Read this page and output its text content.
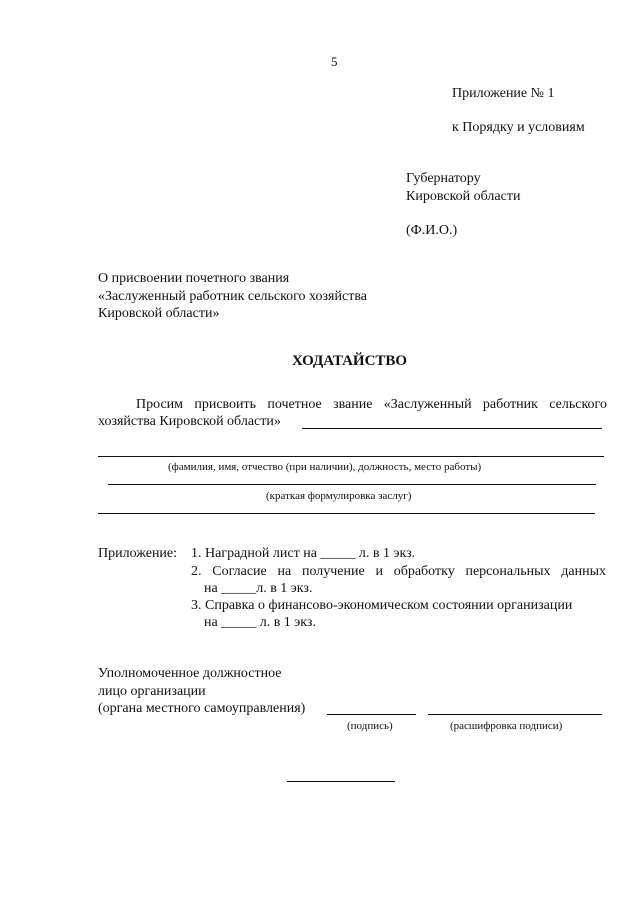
5
Приложение № 1
к Порядку и условиям
Губернатору
Кировской области
(Ф.И.О.)
О присвоении почетного звания
«Заслуженный работник сельского хозяйства
Кировской области»
ХОДАТАЙСТВО
Просим присвоить почетное звание «Заслуженный работник сельского
хозяйства Кировской области»
(фамилия, имя, отчество (при наличии), должность, место работы)
(краткая формулировка заслуг)
Приложение: 1. Наградной лист на _____ л. в 1 экз.
2. Согласие на получение и обработку персональных данных
на _____л. в 1 экз.
3. Справка о финансово-экономическом состоянии организации
на _____ л. в 1 экз.
Уполномоченное должностное
лицо организации
(органа местного самоуправления)
(подпись)	(расшифровка подписи)
